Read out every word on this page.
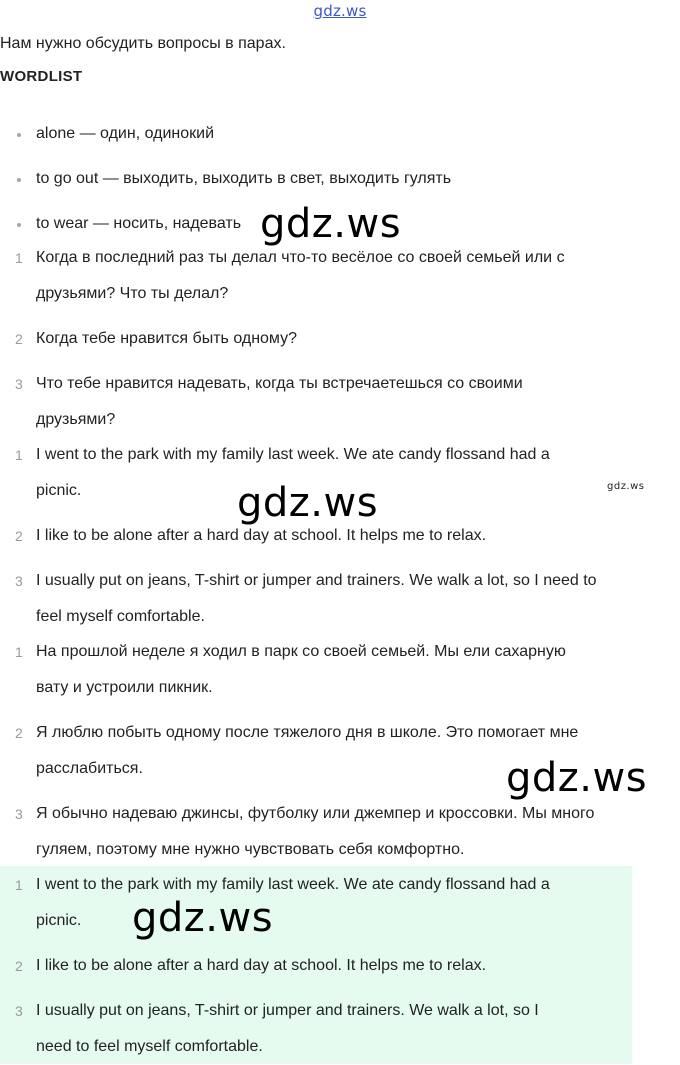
gdz.ws
Нам нужно обсудить вопросы в парах.
WORDLIST
alone — один, одинокий
to go out — выходить, выходить в свет, выходить гулять
to wear — носить, надевать
1 Когда в последний раз ты делал что-то весёлое со своей семьей или с
друзьями? Что ты делал?
2 Когда тебе нравится быть одному?
3 Что тебе нравится надевать, когда ты встречаетешься со своими
друзьями?
1 I went to the park with my family last week. We ate candy flossand had a
picnic.
2 I like to be alone after a hard day at school. It helps me to relax.
3 I usually put on jeans, T-shirt or jumper and trainers. We walk a lot, so I need to
feel myself comfortable.
1 На прошлой неделе я ходил в парк со своей семьей. Мы ели сахарную
вату и устроили пикник.
2 Я люблю побыть одному после тяжелого дня в школе. Это помогает мне
расслабиться.
3 Я обычно надеваю джинсы, футболку или джемпер и кроссовки. Мы много
гуляем, поэтому мне нужно чувствовать себя комфортно.
1 I went to the park with my family last week. We ate candy flossand had a
picnic.
2 I like to be alone after a hard day at school. It helps me to relax.
3 I usually put on jeans, T-shirt or jumper and trainers. We walk a lot, so I
need to feel myself comfortable.
gdz.ws
gdz.ws	gdz.ws
gdz.ws
gdz.ws
